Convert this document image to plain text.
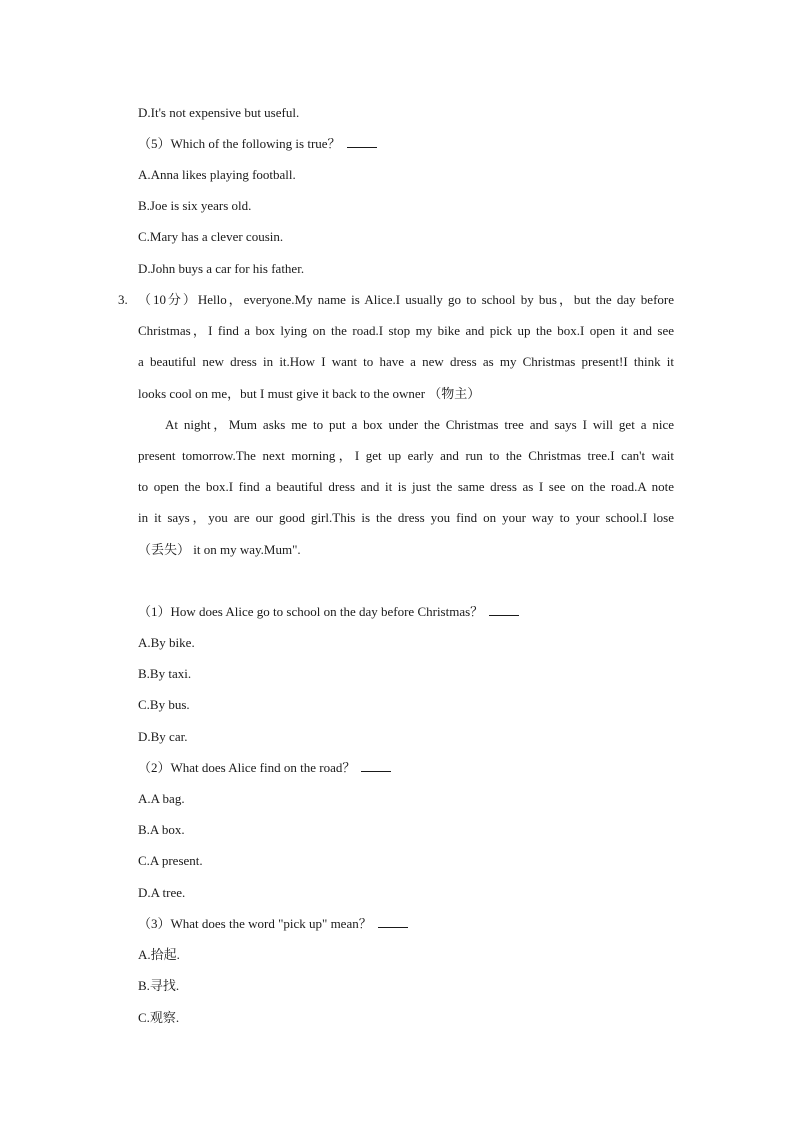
D.It's not expensive but useful.
（5）Which of the following is true？
A.Anna likes playing football.
B.Joe is six years old.
C.Mary has a clever cousin.
D.John buys a car for his father.
3. （10分）Hello，everyone.My name is Alice.I usually go to school by bus，but the day before
Christmas，I find a box lying on the road.I stop my bike and pick up the box.I open it and see
a beautiful new dress in it.How I want to have a new dress as my Christmas present!I think it
looks cool on me，but I must give it back to the owner （物主）
At night，Mum asks me to put a box under the Christmas tree and says I will get a nice
present tomorrow.The next morning，I get up early and run to the Christmas tree.I can't wait
to open the box.I find a beautiful dress and it is just the same dress as I see on the road.A note
in it says，you are our good girl.This is the dress you find on your way to your school.I lose
（丢失） it on my way.Mum".
（1）How does Alice go to school on the day before Christmas？
A.By bike.
B.By taxi.
C.By bus.
D.By car.
（2）What does Alice find on the road？
A.A bag.
B.A box.
C.A present.
D.A tree.
（3）What does the word "pick up" mean？
A.拾起.
B.寻找.
C.观察.
